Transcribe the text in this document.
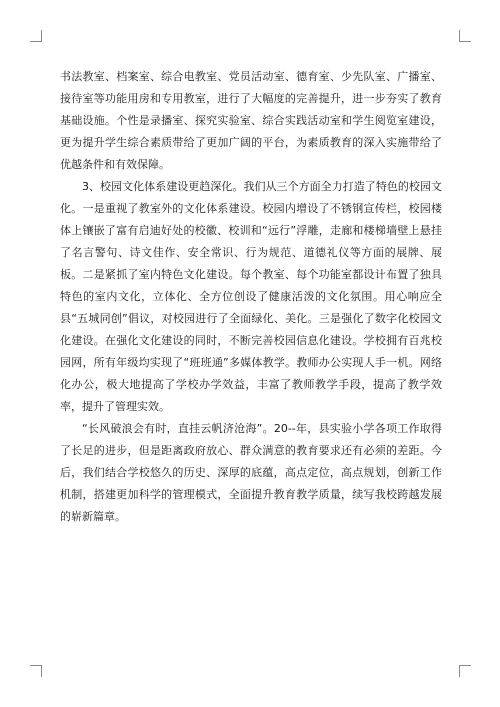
书法教室、档案室、综合电教室、党员活动室、德育室、少先队室、广播室、接待室等功能用房和专用教室，进行了大幅度的完善提升，进一步夯实了教育基础设施。个性是录播室、探究实验室、综合实践活动室和学生阅览室建设，更为提升学生综合素质带给了更加广阔的平台，为素质教育的深入实施带给了优越条件和有效保障。

3、校园文化体系建设更趋深化。我们从三个方面全力打造了特色的校园文化。一是重视了教室外的文化体系建设。校园内增设了不锈钢宣传栏，校园楼体上镶嵌了富有启迪好处的校徽、校训和“远行”浮雕，走廊和楼梯墙壁上悬挂了名言警句、诗文佳作、安全常识、行为规范、道德礼仪等方面的展牌、展板。二是紧抓了室内特色文化建设。每个教室、每个功能室都设计布置了独具特色的室内文化，立体化、全方位创设了健康活泼的文化氛围。用心响应全县“五城同创”倡议，对校园进行了全面绿化、美化。三是强化了数字化校园文化建设。在强化文化建设的同时，不断完善校园信息化建设。学校拥有百兆校园网，所有年级均实现了“班班通”多媒体教学。教师办公实现人手一机。网络化办公，极大地提高了学校办学效益，丰富了教师教学手段，提高了教学效率，提升了管理实效。

“长风破浪会有时，直挂云帆济沧海”。20--年，县实验小学各项工作取得了长足的进步，但是距离政府放心、群众满意的教育要求还有必须的差距。今后，我们结合学校悠久的历史、深厚的底蕴，高点定位，高点规划，创新工作机制，搭建更加科学的管理模式，全面提升教育教学质量，续写我校跨越发展的崭新篇章。
